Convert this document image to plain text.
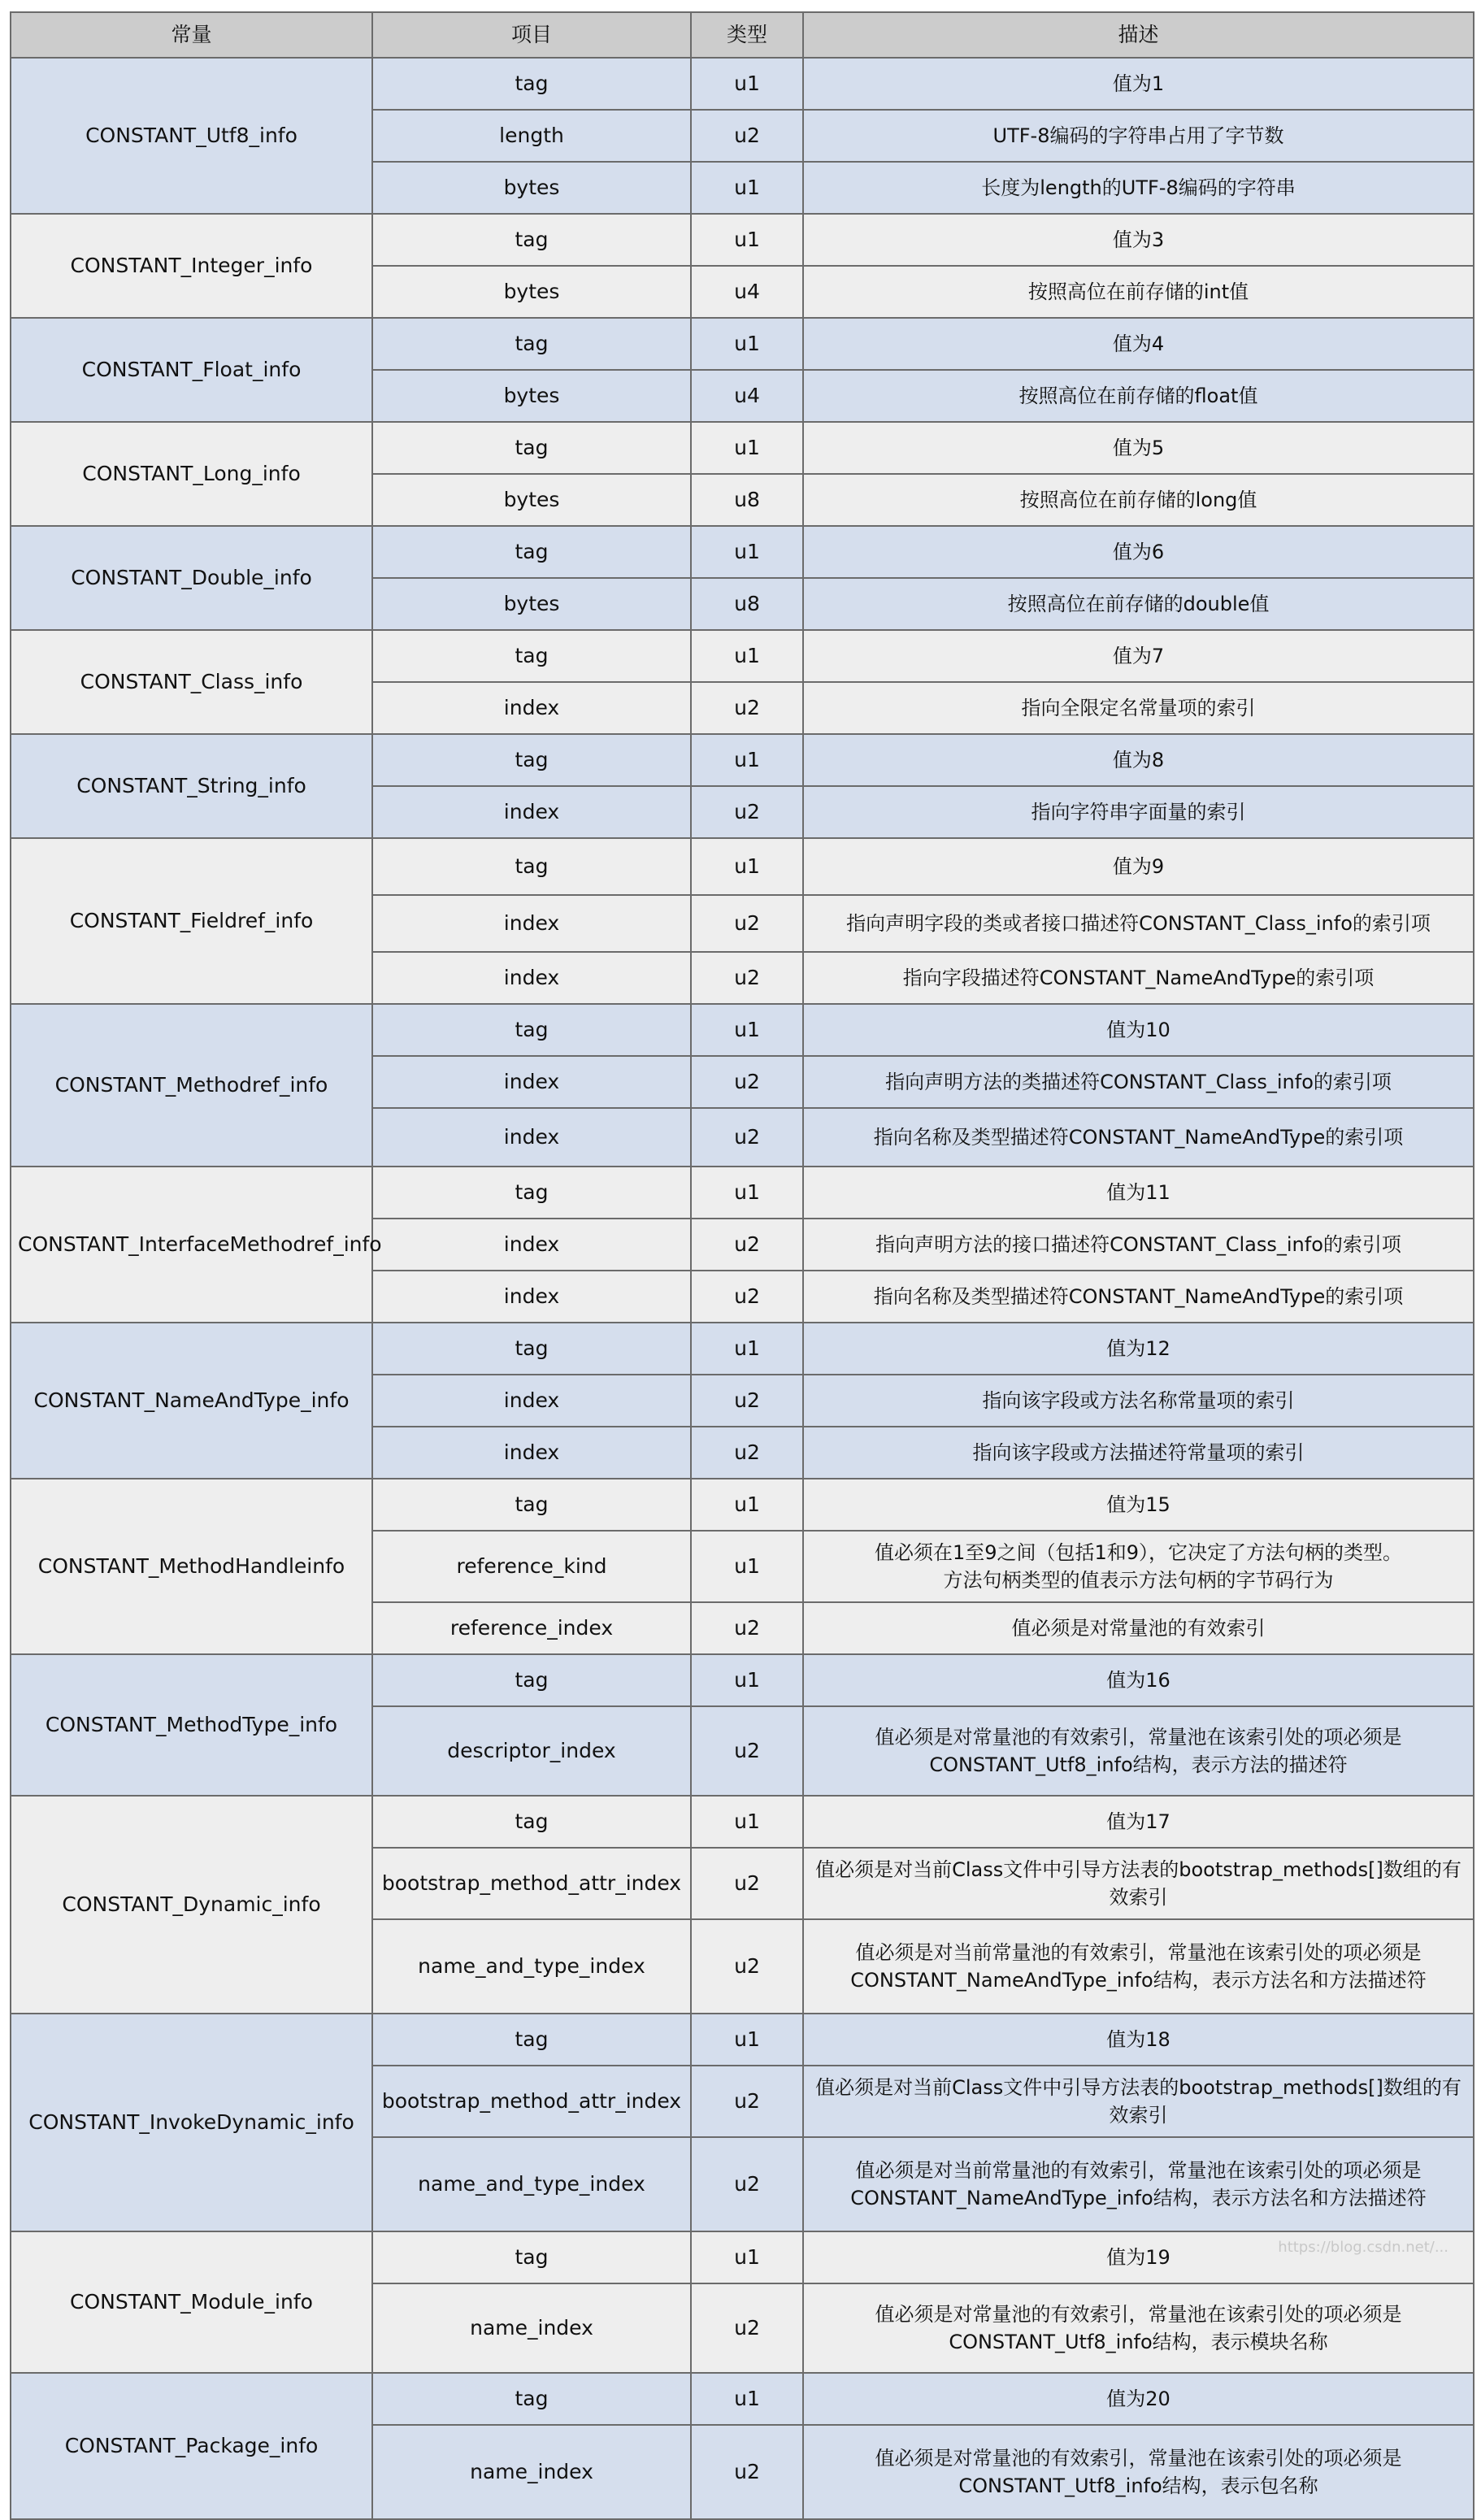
常量	项目	类型	描述
CONSTANT_Utf8_info	tag	u1	值为1
	length	u2	UTF-8编码的字符串占用了字节数
	bytes	u1	长度为length的UTF-8编码的字符串
CONSTANT_Integer_info	tag	u1	值为3
	bytes	u4	按照高位在前存储的int值
CONSTANT_Float_info	tag	u1	值为4
	bytes	u4	按照高位在前存储的float值
CONSTANT_Long_info	tag	u1	值为5
	bytes	u8	按照高位在前存储的long值
CONSTANT_Double_info	tag	u1	值为6
	bytes	u8	按照高位在前存储的double值
CONSTANT_Class_info	tag	u1	值为7
	index	u2	指向全限定名常量项的索引
CONSTANT_String_info	tag	u1	值为8
	index	u2	指向字符串字面量的索引
CONSTANT_Fieldref_info	tag	u1	值为9
	index	u2	指向声明字段的类或者接口描述符CONSTANT_Class_info的索引项
	index	u2	指向字段描述符CONSTANT_NameAndType的索引项
CONSTANT_Methodref_info	tag	u1	值为10
	index	u2	指向声明方法的类描述符CONSTANT_Class_info的索引项
	index	u2	指向名称及类型描述符CONSTANT_NameAndType的索引项
CONSTANT_InterfaceMethodref_info	tag	u1	值为11
	index	u2	指向声明方法的接口描述符CONSTANT_Class_info的索引项
	index	u2	指向名称及类型描述符CONSTANT_NameAndType的索引项
CONSTANT_NameAndType_info	tag	u1	值为12
	index	u2	指向该字段或方法名称常量项的索引
	index	u2	指向该字段或方法描述符常量项的索引
CONSTANT_MethodHandleinfo	tag	u1	值为15
	reference_kind	u1	值必须在1至9之间（包括1和9），它决定了方法句柄的类型。
方法句柄类型的值表示方法句柄的字节码行为
	reference_index	u2	值必须是对常量池的有效索引
CONSTANT_MethodType_info	tag	u1	值为16
	descriptor_index	u2	值必须是对常量池的有效索引，常量池在该索引处的项必须是
CONSTANT_Utf8_info结构，表示方法的描述符
CONSTANT_Dynamic_info	tag	u1	值为17
	bootstrap_method_attr_index	u2	值必须是对当前Class文件中引导方法表的bootstrap_methods[]数组的有
效索引
	name_and_type_index	u2	值必须是对当前常量池的有效索引，常量池在该索引处的项必须是
CONSTANT_NameAndType_info结构，表示方法名和方法描述符
CONSTANT_InvokeDynamic_info	tag	u1	值为18
	bootstrap_method_attr_index	u2	值必须是对当前Class文件中引导方法表的bootstrap_methods[]数组的有
效索引
	name_and_type_index	u2	值必须是对当前常量池的有效索引，常量池在该索引处的项必须是
CONSTANT_NameAndType_info结构，表示方法名和方法描述符
CONSTANT_Module_info	tag	u1	值为19
	name_index	u2	值必须是对常量池的有效索引，常量池在该索引处的项必须是
CONSTANT_Utf8_info结构，表示模块名称
CONSTANT_Package_info	tag	u1	值为20
	name_index	u2	值必须是对常量池的有效索引，常量池在该索引处的项必须是
CONSTANT_Utf8_info结构，表示包名称
https://blog.csdn.net/...
